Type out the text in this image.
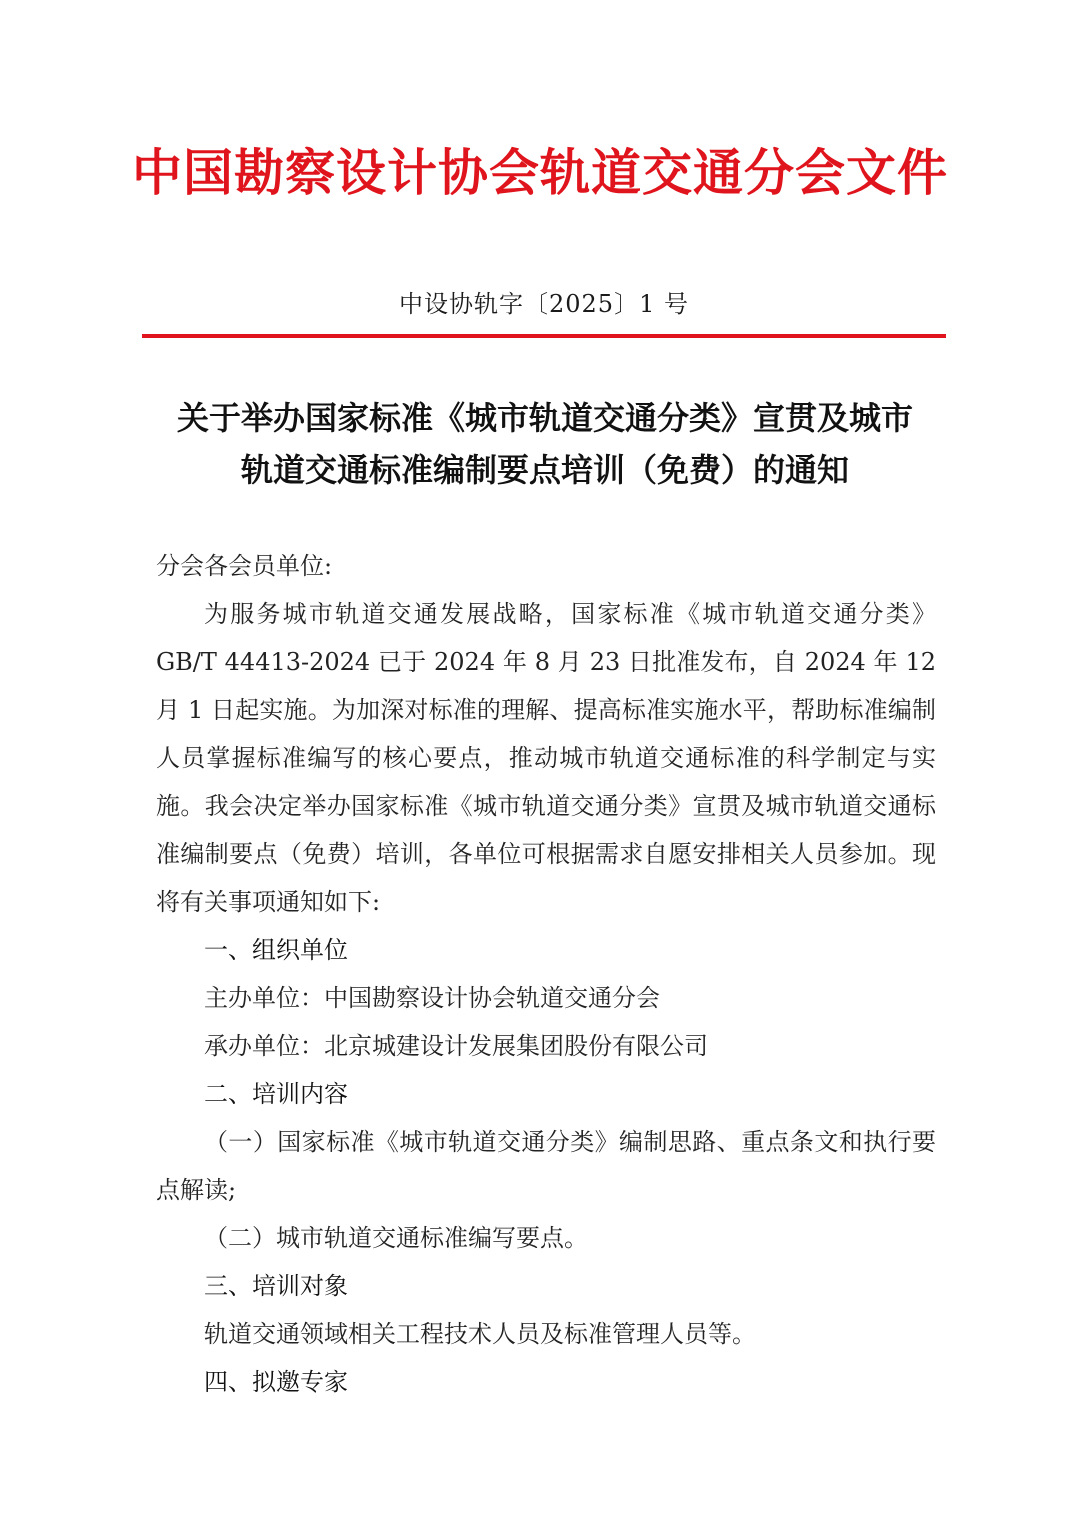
中国勘察设计协会轨道交通分会文件
中设协轨字〔2025〕1 号
关于举办国家标准《城市轨道交通分类》宣贯及城市
轨道交通标准编制要点培训（免费）的通知

分会各会员单位:

为服务城市轨道交通发展战略，国家标准《城市轨道交通分类》GB/T 44413-2024 已于 2024 年 8 月 23 日批准发布，自 2024 年 12 月 1 日起实施。为加深对标准的理解、提高标准实施水平，帮助标准编制人员掌握标准编写的核心要点，推动城市轨道交通标准的科学制定与实施。我会决定举办国家标准《城市轨道交通分类》宣贯及城市轨道交通标准编制要点（免费）培训，各单位可根据需求自愿安排相关人员参加。现将有关事项通知如下:

一、组织单位

主办单位：中国勘察设计协会轨道交通分会

承办单位：北京城建设计发展集团股份有限公司

二、培训内容

（一）国家标准《城市轨道交通分类》编制思路、重点条文和执行要点解读;

（二）城市轨道交通标准编写要点。

三、培训对象

轨道交通领域相关工程技术人员及标准管理人员等。

四、拟邀专家
